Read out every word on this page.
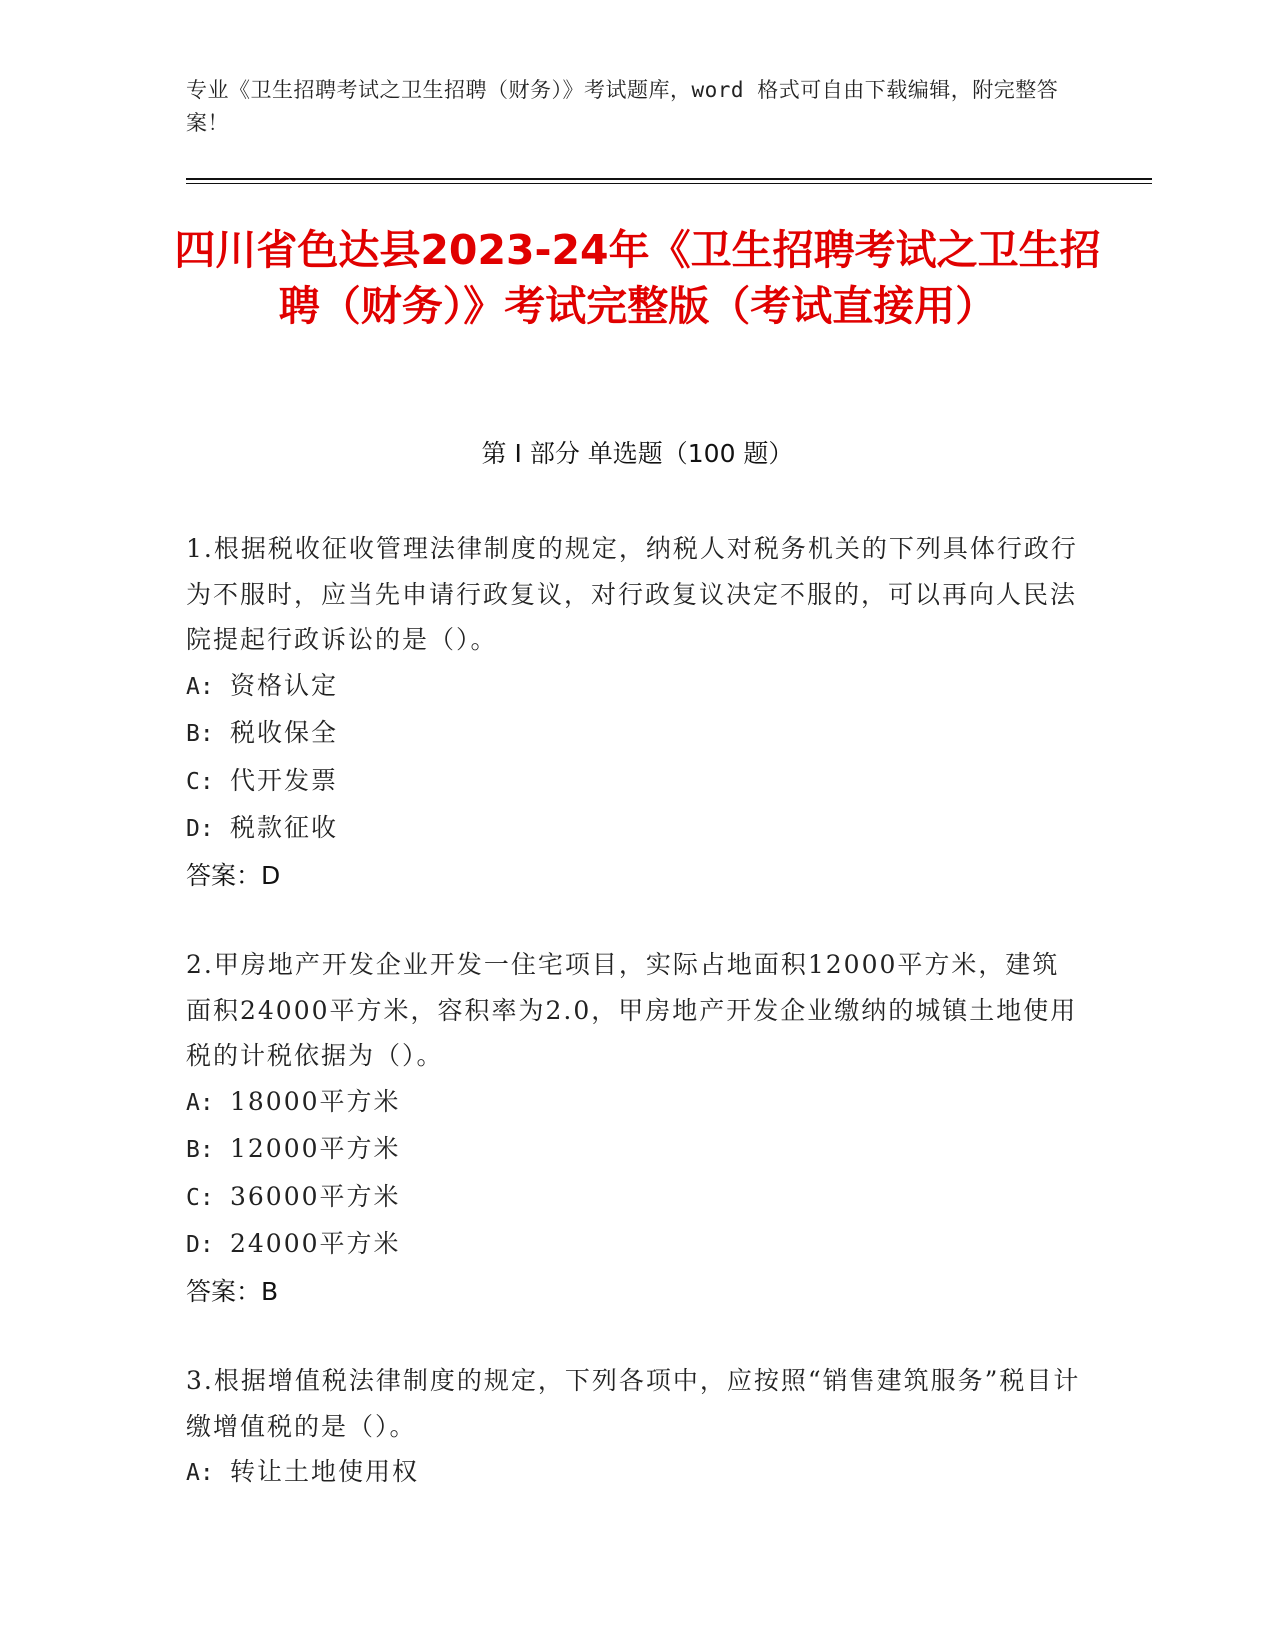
专业《卫生招聘考试之卫生招聘（财务）》考试题库，word 格式可自由下载编辑，附完整答案！
四川省色达县2023-24年《卫生招聘考试之卫生招聘（财务）》考试完整版（考试直接用）
第 I 部分 单选题（100 题）
1.根据税收征收管理法律制度的规定，纳税人对税务机关的下列具体行政行为不服时，应当先申请行政复议，对行政复议决定不服的，可以再向人民法院提起行政诉讼的是（）。
A: 资格认定
B: 税收保全
C: 代开发票
D: 税款征收
答案：D
2.甲房地产开发企业开发一住宅项目，实际占地面积12000平方米，建筑面积24000平方米，容积率为2.0，甲房地产开发企业缴纳的城镇土地使用税的计税依据为（）。
A: 18000平方米
B: 12000平方米
C: 36000平方米
D: 24000平方米
答案：B
3.根据增值税法律制度的规定，下列各项中，应按照“销售建筑服务”税目计缴增值税的是（）。
A: 转让土地使用权
